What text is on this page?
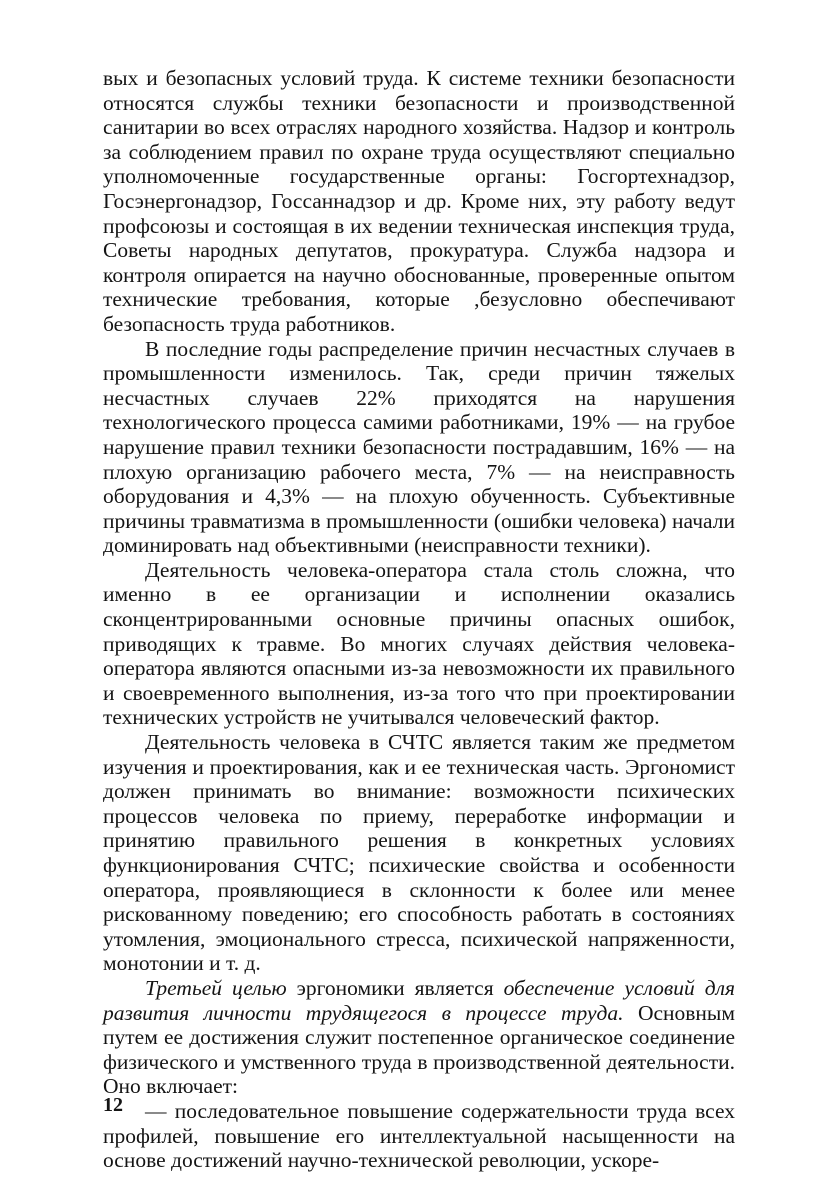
вых и безопасных условий труда. К системе техники безопасности относятся службы техники безопасности и производственной санитарии во всех отраслях народного хозяйства. Надзор и контроль за соблюдением правил по охране труда осуществляют специально уполномоченные государственные органы: Госгортехнадзор, Госэнергонадзор, Госсаннадзор и др. Кроме них, эту работу ведут профсоюзы и состоящая в их ведении техническая инспекция труда, Советы народных депутатов, прокуратура. Служба надзора и контроля опирается на научно обоснованные, проверенные опытом технические требования, которые ,безусловно обеспечивают безопасность труда работников.

В последние годы распределение причин несчастных случаев в промышленности изменилось. Так, среди причин тяжелых несчастных случаев 22% приходятся на нарушения технологического процесса самими работниками, 19% — на грубое нарушение правил техники безопасности пострадавшим, 16% — на плохую организацию рабочего места, 7% — на неисправность оборудования и 4,3% — на плохую обученность. Субъективные причины травматизма в промышленности (ошибки человека) начали доминировать над объективными (неисправности техники).

Деятельность человека-оператора стала столь сложна, что именно в ее организации и исполнении оказались сконцентрированными основные причины опасных ошибок, приводящих к травме. Во многих случаях действия человека-оператора являются опасными из-за невозможности их правильного и своевременного выполнения, из-за того что при проектировании технических устройств не учитывался человеческий фактор.

Деятельность человека в СЧТС является таким же предметом изучения и проектирования, как и ее техническая часть. Эргономист должен принимать во внимание: возможности психических процессов человека по приему, переработке информации и принятию правильного решения в конкретных условиях функционирования СЧТС; психические свойства и особенности оператора, проявляющиеся в склонности к более или менее рискованному поведению; его способность работать в состояниях утомления, эмоционального стресса, психической напряженности, монотонии и т. д.

Третьей целью эргономики является обеспечение условий для развития личности трудящегося в процессе труда. Основным путем ее достижения служит постепенное органическое соединение физического и умственного труда в производственной деятельности. Оно включает:

— последовательное повышение содержательности труда всех профилей, повышение его интеллектуальной насыщенности на основе достижений научно-технической революции, ускоре-

12
